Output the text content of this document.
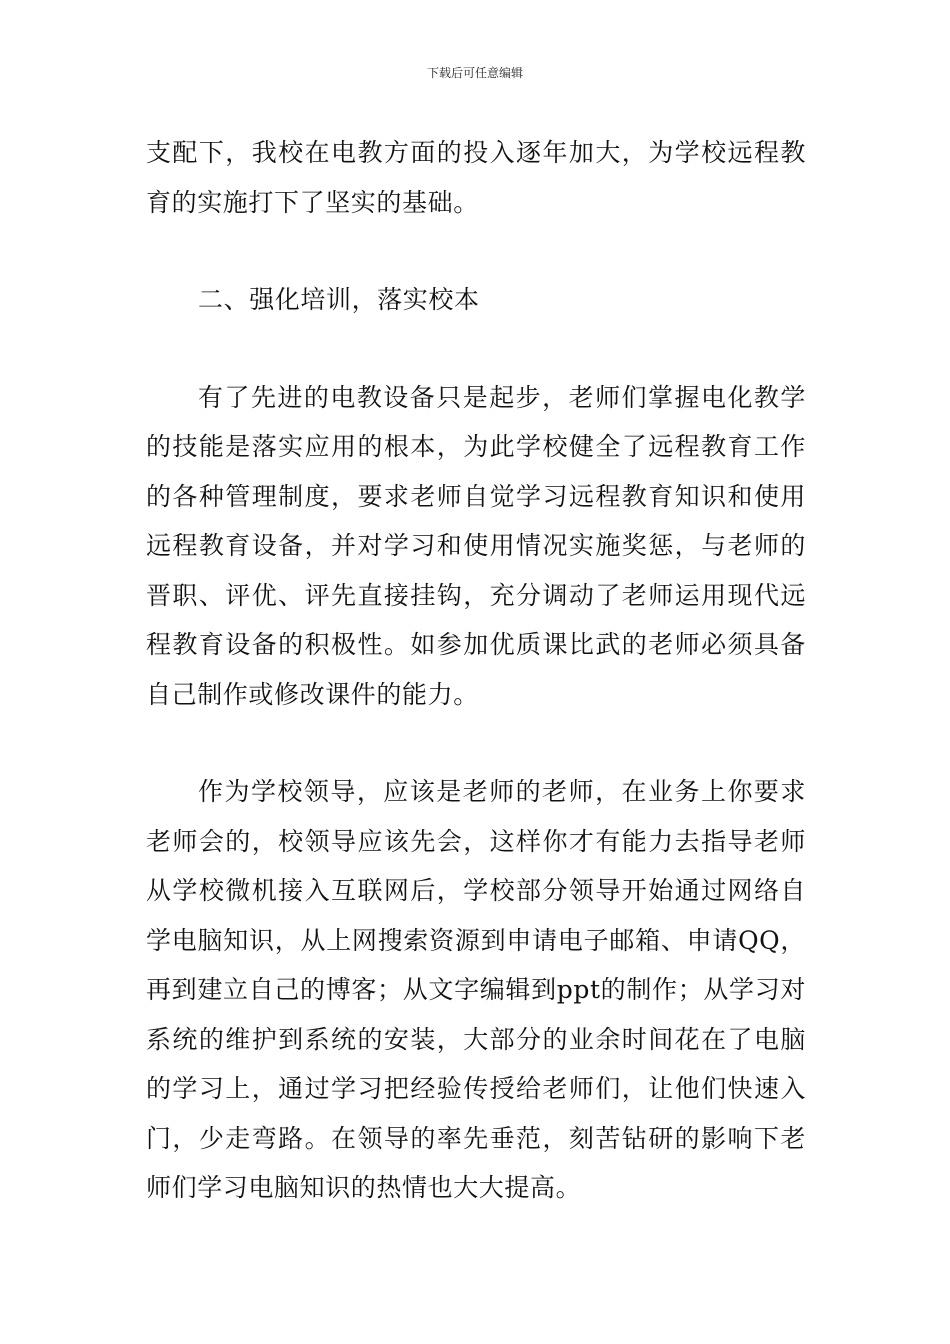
下载后可任意编辑

支配下，我校在电教方面的投入逐年加大，为学校远程教育的实施打下了坚实的基础。

二、强化培训，落实校本

有了先进的电教设备只是起步，老师们掌握电化教学的技能是落实应用的根本，为此学校健全了远程教育工作的各种管理制度，要求老师自觉学习远程教育知识和使用远程教育设备，并对学习和使用情况实施奖惩，与老师的晋职、评优、评先直接挂钩，充分调动了老师运用现代远程教育设备的积极性。如参加优质课比武的老师必须具备自己制作或修改课件的能力。

作为学校领导，应该是老师的老师，在业务上你要求老师会的，校领导应该先会，这样你才有能力去指导老师从学校微机接入互联网后，学校部分领导开始通过网络自学电脑知识，从上网搜索资源到申请电子邮箱、申请QQ，再到建立自己的博客；从文字编辑到ppt的制作；从学习对系统的维护到系统的安装，大部分的业余时间花在了电脑的学习上，通过学习把经验传授给老师们，让他们快速入门，少走弯路。在领导的率先垂范，刻苦钻研的影响下老师们学习电脑知识的热情也大大提高。
